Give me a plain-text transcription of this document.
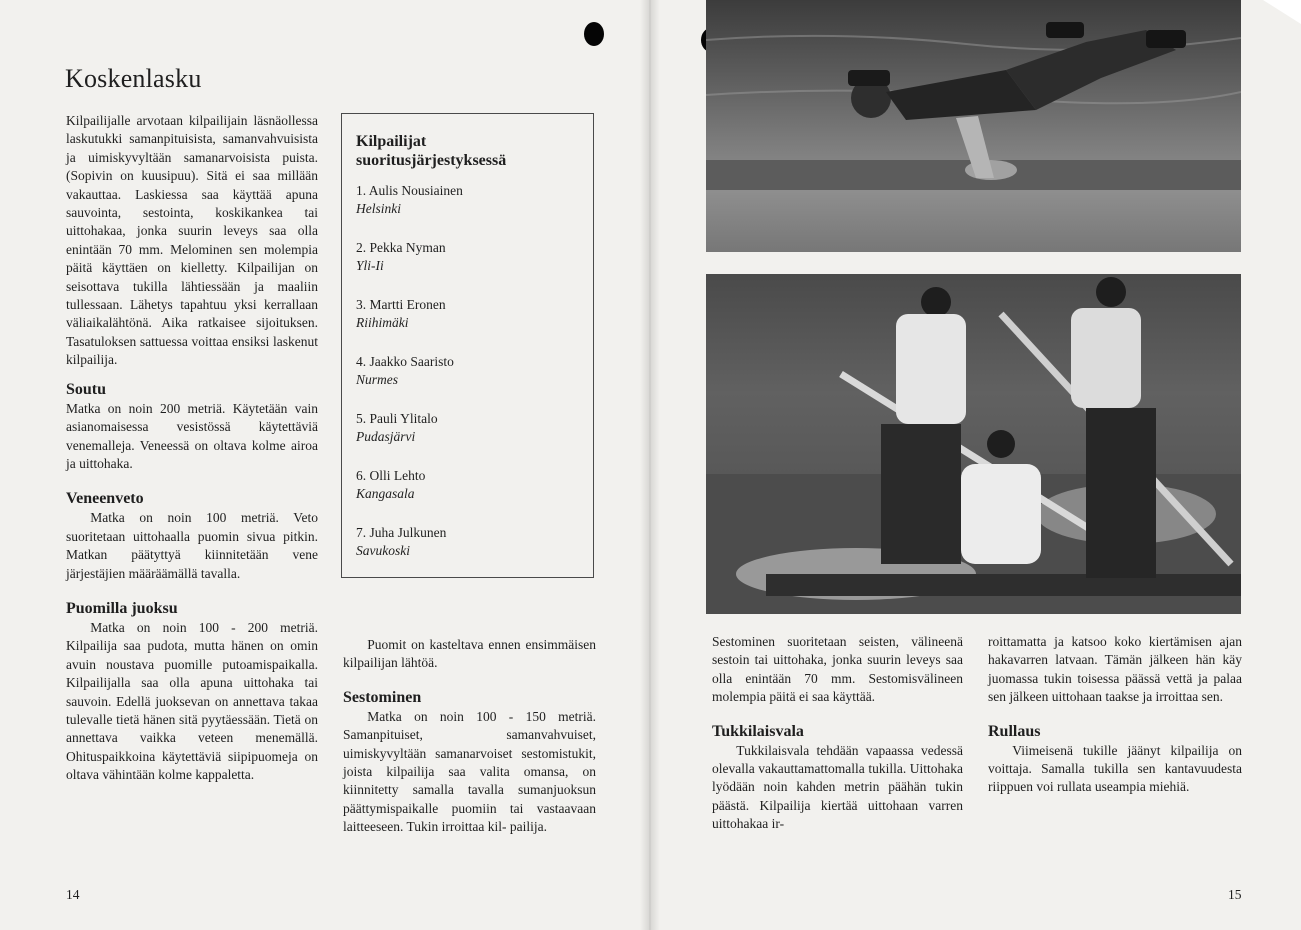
Koskenlasku

Kilpailijalle arvotaan kilpailijain läsnäollessa laskutukki samanpituisista, samanvahvuisista ja uimiskyvyltään samanarvoisista puista. (Sopivin on kuusipuu). Sitä ei saa millään vakauttaa. Laskiessa saa käyttää apuna sauvointa, sestointa, koskikankea tai uittohakaa, jonka suurin leveys saa olla enintään 70 mm. Melominen sen molempia päitä käyttäen on kielletty. Kilpailijan on seisottava tukilla lähtiessään ja maaliin tullessaan. Lähetys tapahtuu yksi kerrallaan väliaikalähtönä. Aika ratkaisee sijoituksen. Tasatuloksen sattuessa voittaa ensiksi laskenut kilpailija.

Soutu

Matka on noin 200 metriä. Käytetään vain asianomaisessa vesistössä käytettäviä venemalleja. Veneessä on oltava kolme airoa ja uittohaka.

Veneenveto

Matka on noin 100 metriä. Veto suoritetaan uittohaalla puomin sivua pitkin. Matkan päätyttyä kiinnitetään vene järjestäjien määräämällä tavalla.

Puomilla juoksu

Matka on noin 100 - 200 metriä. Kilpailija saa pudota, mutta hänen on omin avuin noustava puomille putoamispaikalla. Kilpailijalla saa olla apuna uittohaka tai sauvoin. Edellä juoksevan on annettava takaa tulevalle tietä hänen sitä pyytäessään. Tietä on annettava vaikka veteen menemällä. Ohituspaikkoina käytettäviä siipipuomeja on oltava vähintään kolme kappaletta.

Kilpailijat suoritusjärjestyksessä

1. Aulis Nousiainen
Helsinki

2. Pekka Nyman
Yli-Ii

3. Martti Eronen
Riihimäki

4. Jaakko Saaristo
Nurmes

5. Pauli Ylitalo
Pudasjärvi

6. Olli Lehto
Kangasala

7. Juha Julkunen
Savukoski

Puomit on kasteltava ennen ensimmäisen kilpailijan lähtöä.

Sestominen

Matka on noin 100 - 150 metriä. Samanpituiset, samanvahvuiset, uimiskyvyltään samanarvoiset sestomistukit, joista kilpailija saa valita omansa, on kiinnitetty samalla tavalla sumanjuoksun päättymispaikalle puomiin tai vastaavaan laitteeseen. Tukin irroittaa kil- pailija.

14	15

Sestominen suoritetaan seisten, välineenä sestoin tai uittohaka, jonka suurin leveys saa olla enintään 70 mm. Sestomisvälineen molempia päitä ei saa käyttää.

Tukkilaisvala

Tukkilaisvala tehdään vapaassa vedessä olevalla vakauttamattomalla tukilla. Uittohaka lyödään noin kahden metrin päähän tukin päästä. Kilpailija kiertää uittohaan varren uittohakaa ir-

roittamatta ja katsoo koko kiertämisen ajan hakavarren latvaan. Tämän jälkeen hän käy juomassa tukin toisessa päässä vettä ja palaa sen jälkeen uittohaan taakse ja irroittaa sen.

Rullaus

Viimeisenä tukille jäänyt kilpailija on voittaja. Samalla tukilla sen kantavuudesta riippuen voi rullata useampia miehiä.
